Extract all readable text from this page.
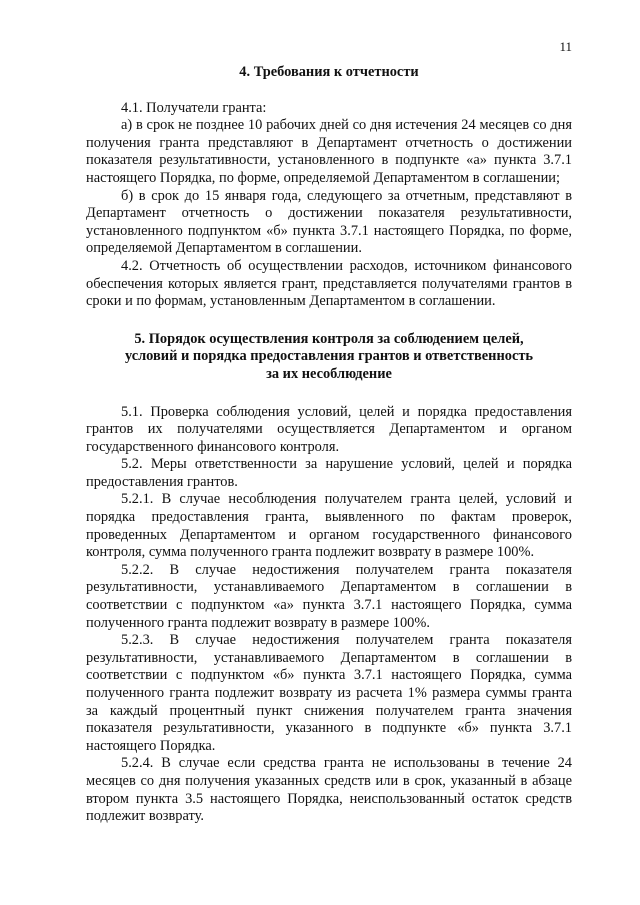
11
4. Требования к отчетности

4.1. Получатели гранта:

а) в срок не позднее 10 рабочих дней со дня истечения 24 месяцев со дня получения гранта представляют в Департамент отчетность о достижении показателя результативности, установленного в подпункте «а» пункта 3.7.1 настоящего Порядка, по форме, определяемой Департаментом в соглашении;

б) в срок до 15 января года, следующего за отчетным, представляют в Департамент отчетность о достижении показателя результативности, установленного подпунктом «б» пункта 3.7.1 настоящего Порядка, по форме, определяемой Департаментом в соглашении.

4.2. Отчетность об осуществлении расходов, источником финансового обеспечения которых является грант, представляется получателями грантов в сроки и по формам, установленным Департаментом в соглашении.

5. Порядок осуществления контроля за соблюдением целей,
условий и порядка предоставления грантов и ответственность
за их несоблюдение

5.1. Проверка соблюдения условий, целей и порядка предоставления грантов их получателями осуществляется Департаментом и органом государственного финансового контроля.

5.2. Меры ответственности за нарушение условий, целей и порядка предоставления грантов.

5.2.1. В случае несоблюдения получателем гранта целей, условий и порядка предоставления гранта, выявленного по фактам проверок, проведенных Департаментом и органом государственного финансового контроля, сумма полученного гранта подлежит возврату в размере 100%.

5.2.2. В случае недостижения получателем гранта показателя результативности, устанавливаемого Департаментом в соглашении в соответствии с подпунктом «а» пункта 3.7.1 настоящего Порядка, сумма полученного гранта подлежит возврату в размере 100%.

5.2.3. В случае недостижения получателем гранта показателя результативности, устанавливаемого Департаментом в соглашении в соответствии с подпунктом «б» пункта 3.7.1 настоящего Порядка, сумма полученного гранта подлежит возврату из расчета 1% размера суммы гранта за каждый процентный пункт снижения получателем гранта значения показателя результативности, указанного в подпункте «б» пункта 3.7.1 настоящего Порядка.

5.2.4. В случае если средства гранта не использованы в течение 24 месяцев со дня получения указанных средств или в срок, указанный в абзаце втором пункта 3.5 настоящего Порядка, неиспользованный остаток средств подлежит возврату.
